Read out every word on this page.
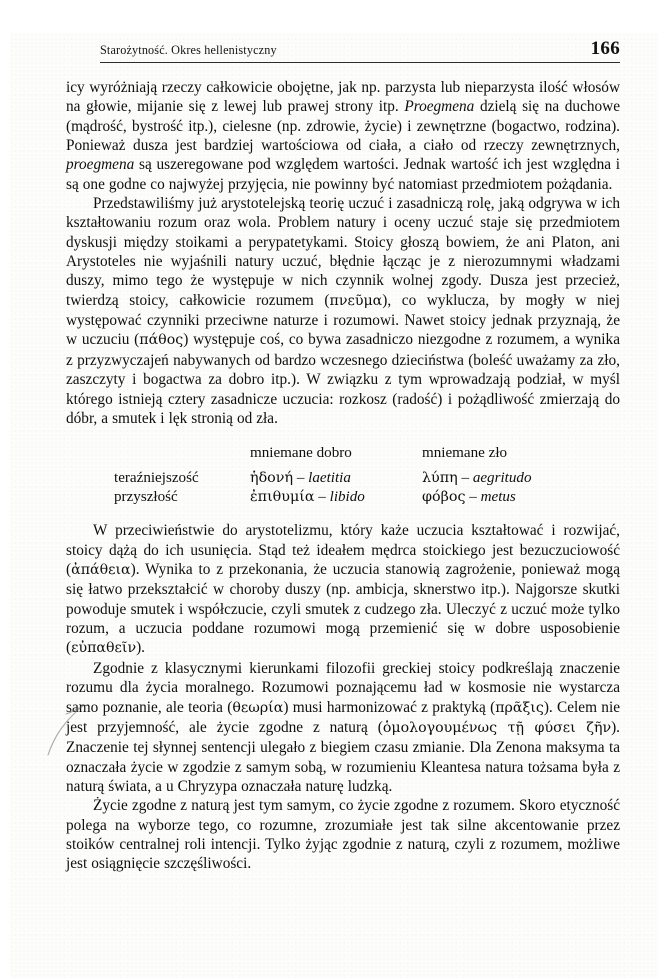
Starożytność. Okres hellenistyczny	166

icy wyróżniają rzeczy całkowicie obojętne, jak np. parzysta lub nieparzysta ilość włosów na głowie, mijanie się z lewej lub prawej strony itp. Proegmena dzielą się na duchowe (mądrość, bystrość itp.), cielesne (np. zdrowie, życie) i zewnętrzne (bogactwo, rodzina). Ponieważ dusza jest bardziej wartościowa od ciała, a ciało od rzeczy zewnętrznych, proegmena są uszeregowane pod względem wartości. Jednak wartość ich jest względna i są one godne co najwyżej przyjęcia, nie powinny być natomiast przedmiotem pożądania.

Przedstawiliśmy już arystotelejską teorię uczuć i zasadniczą rolę, jaką odgrywa w ich kształtowaniu rozum oraz wola. Problem natury i oceny uczuć staje się przedmiotem dyskusji między stoikami a perypatetykami. Stoicy głoszą bowiem, że ani Platon, ani Arystoteles nie wyjaśnili natury uczuć, błędnie łącząc je z nierozumnymi władzami duszy, mimo tego że występuje w nich czynnik wolnej zgody. Dusza jest przecież, twierdzą stoicy, całkowicie rozumem (πνεῦμα), co wyklucza, by mogły w niej występować czynniki przeciwne naturze i rozumowi. Nawet stoicy jednak przyznają, że w uczuciu (πάθος) występuje coś, co bywa zasadniczo niezgodne z rozumem, a wynika z przyzwyczajeń nabywanych od bardzo wczesnego dzieciństwa (boleść uważamy za zło, zaszczyty i bogactwa za dobro itp.). W związku z tym wprowadzają podział, w myśl którego istnieją cztery zasadnicze uczucia: rozkosz (radość) i pożądliwość zmierzają do dóbr, a smutek i lęk stronią od zła.

	mniemane dobro	mniemane zło
teraźniejszość	ἡδονή – laetitia	λύπη – aegritudo
przyszłość	ἐπιθυμία – libido	φόβος – metus

W przeciwieństwie do arystotelizmu, który każe uczucia kształtować i rozwijać, stoicy dążą do ich usunięcia. Stąd też ideałem mędrca stoickiego jest bezuczuciowość (ἀπάθεια). Wynika to z przekonania, że uczucia stanowią zagrożenie, ponieważ mogą się łatwo przekształcić w choroby duszy (np. ambicja, sknerstwo itp.). Najgorsze skutki powoduje smutek i współczucie, czyli smutek z cudzego zła. Uleczyć z uczuć może tylko rozum, a uczucia poddane rozumowi mogą przemienić się w dobre usposobienie (εὐπαθεῖν).

Zgodnie z klasycznymi kierunkami filozofii greckiej stoicy podkreślają znaczenie rozumu dla życia moralnego. Rozumowi poznającemu ład w kosmosie nie wystarcza samo poznanie, ale teoria (θεωρία) musi harmonizować z praktyką (πρᾶξις). Celem nie jest przyjemność, ale życie zgodne z naturą (ὁμολογουμένως τῇ φύσει ζῆν). Znaczenie tej słynnej sentencji ulegało z biegiem czasu zmianie. Dla Zenona maksyma ta oznaczała życie w zgodzie z samym sobą, w rozumieniu Kleantesa natura tożsama była z naturą świata, a u Chryzypa oznaczała naturę ludzką.

Życie zgodne z naturą jest tym samym, co życie zgodne z rozumem. Skoro etyczność polega na wyborze tego, co rozumne, zrozumiałe jest tak silne akcentowanie przez stoików centralnej roli intencji. Tylko żyjąc zgodnie z naturą, czyli z rozumem, możliwe jest osiągnięcie szczęśliwości.
